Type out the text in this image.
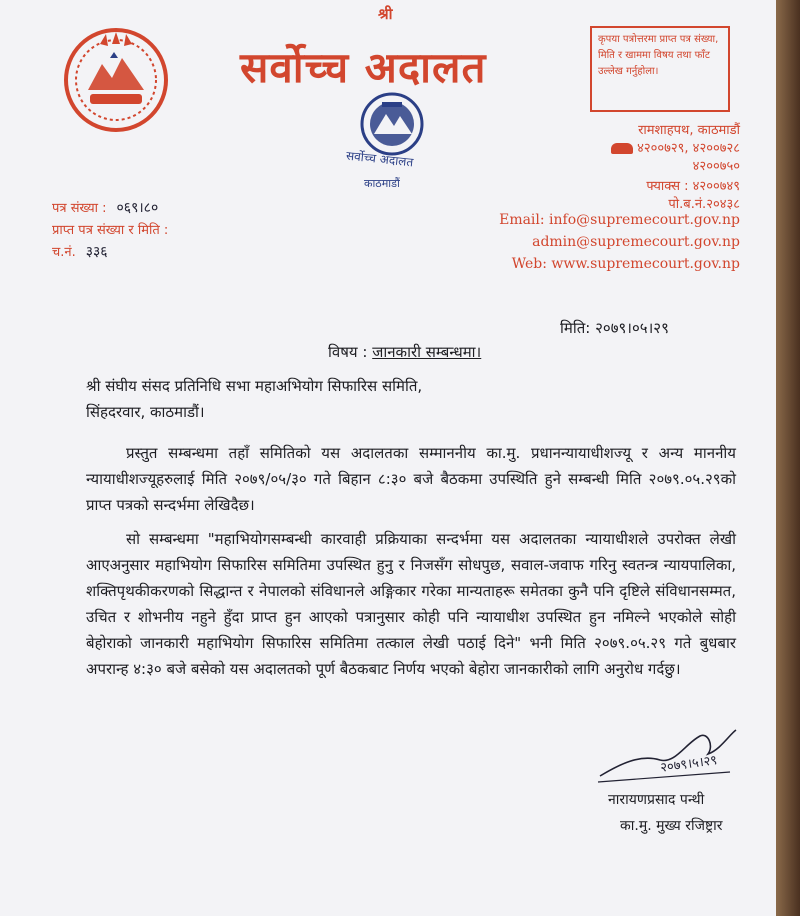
श्री
सर्वोच्च अदालत
कृपया पत्रोत्तरमा प्राप्त पत्र संख्या, मिति र खाममा विषय तथा फाँट उल्लेख गर्नुहोला।
सर्वोच्च अदालत
काठमाडौं
रामशाहपथ, काठमाडौं
४२००७२९, ४२००७२८
४२००७५०
फ्याक्स : ४२००७४९
पो.ब.नं.२०४३८
Email: info@supremecourt.gov.np
admin@supremecourt.gov.np
Web: www.supremecourt.gov.np
पत्र संख्या : ०६९।८०
प्राप्त पत्र संख्या र मिति :
च.नं. ३३६
मिति: २०७९।०५।२९
विषय : जानकारी सम्बन्धमा।
श्री संघीय संसद प्रतिनिधि सभा महाअभियोग सिफारिस समिति,
सिंहदरवार, काठमाडौं।
प्रस्तुत सम्बन्धमा तहाँ समितिको यस अदालतका सम्माननीय का.मु. प्रधानन्यायाधीशज्यू र अन्य माननीय न्यायाधीशज्यूहरुलाई मिति २०७९/०५/३० गते बिहान ८:३० बजे बैठकमा उपस्थिति हुने सम्बन्धी मिति २०७९.०५.२९को प्राप्त पत्रको सन्दर्भमा लेखिदैछ।
सो सम्बन्धमा "महाभियोगसम्बन्धी कारवाही प्रक्रियाका सन्दर्भमा यस अदालतका न्यायाधीशले उपरोक्त लेखी आएअनुसार महाभियोग सिफारिस समितिमा उपस्थित हुनु र निजसँग सोधपुछ, सवाल-जवाफ गरिनु स्वतन्त्र न्यायपालिका, शक्तिपृथकीकरणको सिद्धान्त र नेपालको संविधानले अङ्गिकार गरेका मान्यताहरू समेतका कुनै पनि दृष्टिले संविधानसम्मत, उचित र शोभनीय नहुने हुँदा प्राप्त हुन आएको पत्रानुसार कोही पनि न्यायाधीश उपस्थित हुन नमिल्ने भएकोले सोही बेहोराको जानकारी महाभियोग सिफारिस समितिमा तत्काल लेखी पठाई दिने" भनी मिति २०७९.०५.२९ गते बुधबार अपरान्ह ४:३० बजे बसेको यस अदालतको पूर्ण बैठकबाट निर्णय भएको बेहोरा जानकारीको लागि अनुरोध गर्दछु।
२०७९।५।२९
नारायणप्रसाद पन्थी
का.मु. मुख्य रजिष्ट्रार
